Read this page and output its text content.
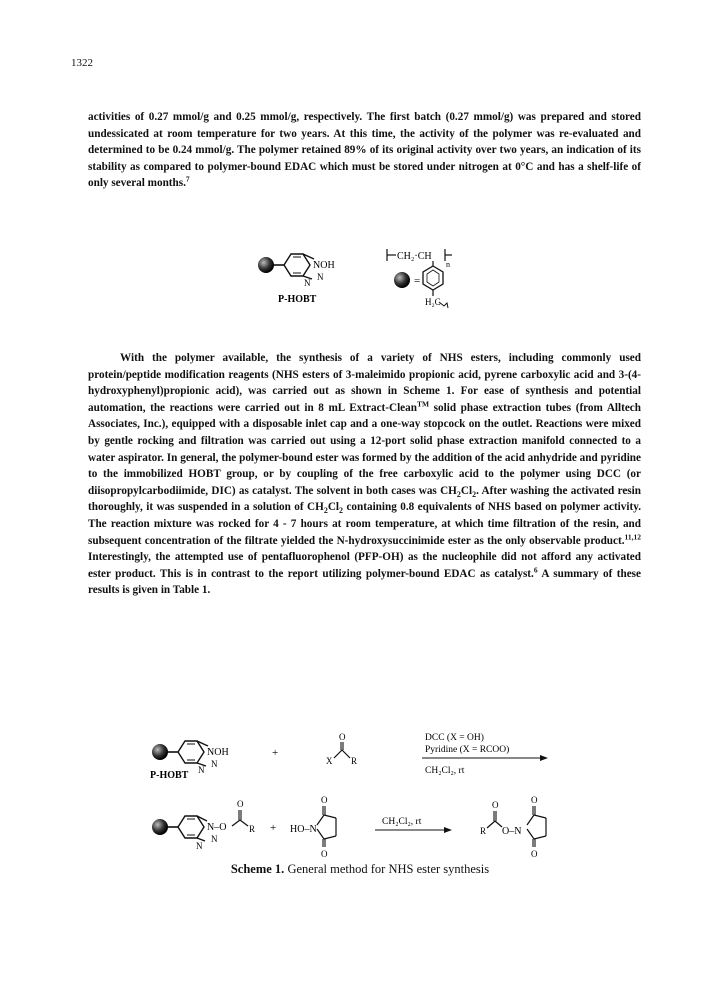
1322

activities of 0.27 mmol/g and 0.25 mmol/g, respectively. The first batch (0.27 mmol/g) was prepared and stored undessicated at room temperature for two years. At this time, the activity of the polymer was re-evaluated and determined to be 0.24 mmol/g. The polymer retained 89% of its original activity over two years, an indication of its stability as compared to polymer-bound EDAC which must be stored under nitrogen at 0°C and has a shelf-life of only several months.$^7$

NOH
N
N
P-HOBT
CH₂·CH
n
=
H₂C

With the polymer available, the synthesis of a variety of NHS esters, including commonly used protein/peptide modification reagents (NHS esters of 3-maleimido propionic acid, pyrene carboxylic acid and 3-(4-hydroxyphenyl)propionic acid), was carried out as shown in Scheme 1. For ease of synthesis and potential automation, the reactions were carried out in 8 mL Extract-Clean™ solid phase extraction tubes (from Alltech Associates, Inc.), equipped with a disposable inlet cap and a one-way stopcock on the outlet. Reactions were mixed by gentle rocking and filtration was carried out using a 12-port solid phase extraction manifold connected to a water aspirator. In general, the polymer-bound ester was formed by the addition of the acid anhydride and pyridine to the immobilized HOBT group, or by coupling of the free carboxylic acid to the polymer using DCC (or diisopropylcarbodiimide, DIC) as catalyst. The solvent in both cases was $CH_2Cl_2$. After washing the activated resin thoroughly, it was suspended in a solution of $CH_2Cl_2$ containing 0.8 equivalents of NHS based on polymer activity. The reaction mixture was rocked for 4 - 7 hours at room temperature, at which time filtration of the resin, and subsequent concentration of the filtrate yielded the N-hydroxysuccinimide ester as the only observable product.$^{11,12}$ Interestingly, the attempted use of pentafluorophenol (PFP-OH) as the nucleophile did not afford any activated ester product. This is in contrast to the report utilizing polymer-bound EDAC as catalyst.$^6$ A summary of these results is given in Table 1.

NOH
N
N
P-HOBT
+
O
X R
DCC (X = OH)
Pyridine (X = RCOO)
CH₂Cl₂, rt
N–O
N
N
O
R + HO–N
O
O
CH₂Cl₂, rt
R
O
O–N
O
O
Scheme 1. General method for NHS ester synthesis
